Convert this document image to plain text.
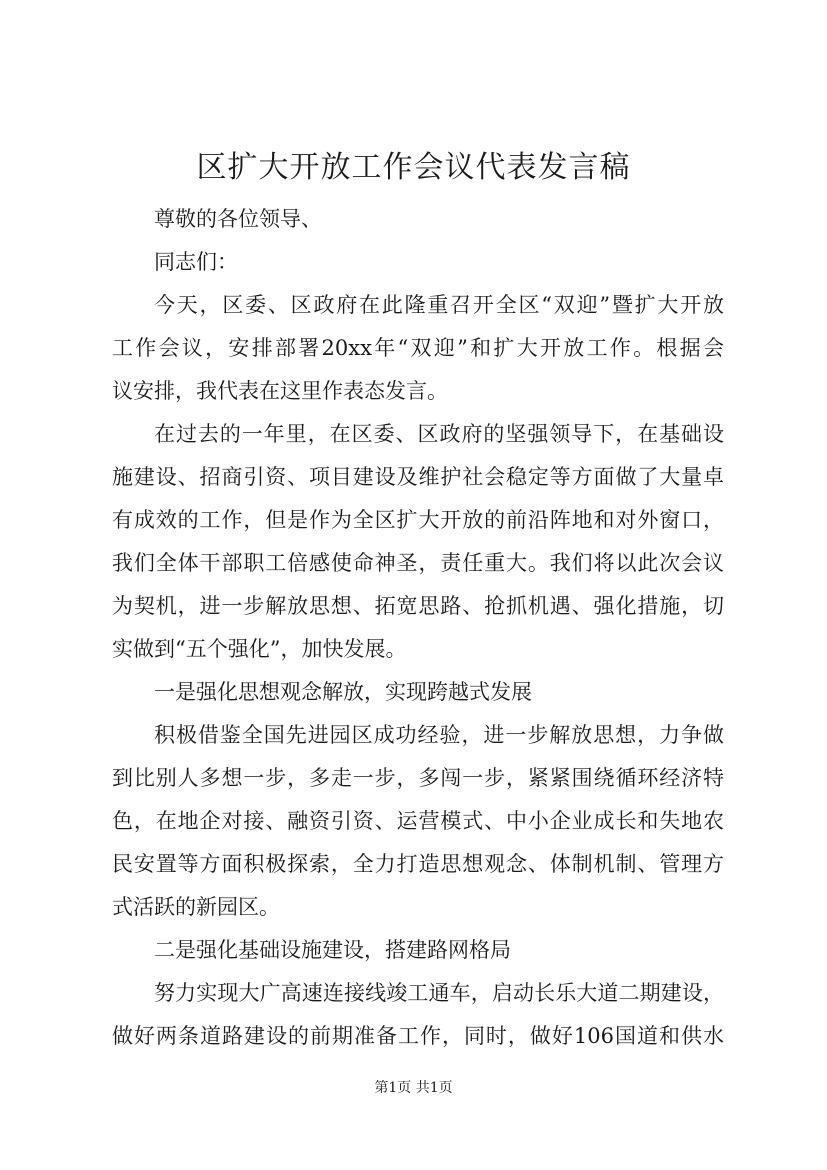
区扩大开放工作会议代表发言稿
尊敬的各位领导、
同志们：
今天，区委、区政府在此隆重召开全区“双迎”暨扩大开放
工作会议，安排部署20xx年“双迎”和扩大开放工作。根据会
议安排，我代表在这里作表态发言。
在过去的一年里，在区委、区政府的坚强领导下，在基础设
施建设、招商引资、项目建设及维护社会稳定等方面做了大量卓
有成效的工作，但是作为全区扩大开放的前沿阵地和对外窗口，
我们全体干部职工倍感使命神圣，责任重大。我们将以此次会议
为契机，进一步解放思想、拓宽思路、抢抓机遇、强化措施，切
实做到“五个强化”，加快发展。
一是强化思想观念解放，实现跨越式发展
积极借鉴全国先进园区成功经验，进一步解放思想，力争做
到比别人多想一步，多走一步，多闯一步，紧紧围绕循环经济特
色，在地企对接、融资引资、运营模式、中小企业成长和失地农
民安置等方面积极探索，全力打造思想观念、体制机制、管理方
式活跃的新园区。
二是强化基础设施建设，搭建路网格局
努力实现大广高速连接线竣工通车，启动长乐大道二期建设，
做好两条道路建设的前期准备工作，同时，做好106国道和供水
第1页 共1页
